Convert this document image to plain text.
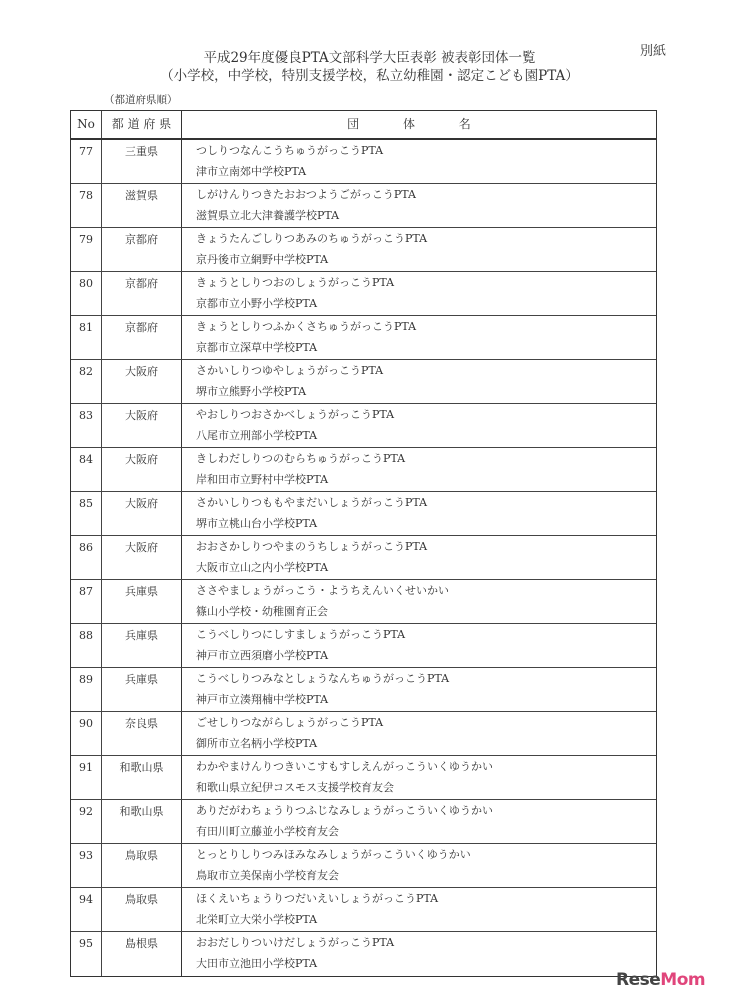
別紙
平成29年度優良PTA文部科学大臣表彰 被表彰団体一覧
（小学校，中学校，特別支援学校，私立幼稚園・認定こども園PTA）
（都道府県順）
No	都 道 府 県	団 体 名
77	三重県	つしりつなんこうちゅうがっこうPTA
津市立南郊中学校PTA
78	滋賀県	しがけんりつきたおおつようごがっこうPTA
滋賀県立北大津養護学校PTA
79	京都府	きょうたんごしりつあみのちゅうがっこうPTA
京丹後市立網野中学校PTA
80	京都府	きょうとしりつおのしょうがっこうPTA
京都市立小野小学校PTA
81	京都府	きょうとしりつふかくさちゅうがっこうPTA
京都市立深草中学校PTA
82	大阪府	さかいしりつゆやしょうがっこうPTA
堺市立熊野小学校PTA
83	大阪府	やおしりつおさかべしょうがっこうPTA
八尾市立刑部小学校PTA
84	大阪府	きしわだしりつのむらちゅうがっこうPTA
岸和田市立野村中学校PTA
85	大阪府	さかいしりつももやまだいしょうがっこうPTA
堺市立桃山台小学校PTA
86	大阪府	おおさかしりつやまのうちしょうがっこうPTA
大阪市立山之内小学校PTA
87	兵庫県	ささやましょうがっこう・ようちえんいくせいかい
篠山小学校・幼稚園育正会
88	兵庫県	こうべしりつにしすましょうがっこうPTA
神戸市立西須磨小学校PTA
89	兵庫県	こうべしりつみなとしょうなんちゅうがっこうPTA
神戸市立湊翔楠中学校PTA
90	奈良県	ごせしりつながらしょうがっこうPTA
御所市立名柄小学校PTA
91	和歌山県	わかやまけんりつきいこすもすしえんがっこういくゆうかい
和歌山県立紀伊コスモス支援学校育友会
92	和歌山県	ありだがわちょうりつふじなみしょうがっこういくゆうかい
有田川町立藤並小学校育友会
93	鳥取県	とっとりしりつみほみなみしょうがっこういくゆうかい
鳥取市立美保南小学校育友会
94	鳥取県	ほくえいちょうりつだいえいしょうがっこうPTA
北栄町立大栄小学校PTA
95	島根県	おおだしりついけだしょうがっこうPTA
大田市立池田小学校PTA
ReseMom
